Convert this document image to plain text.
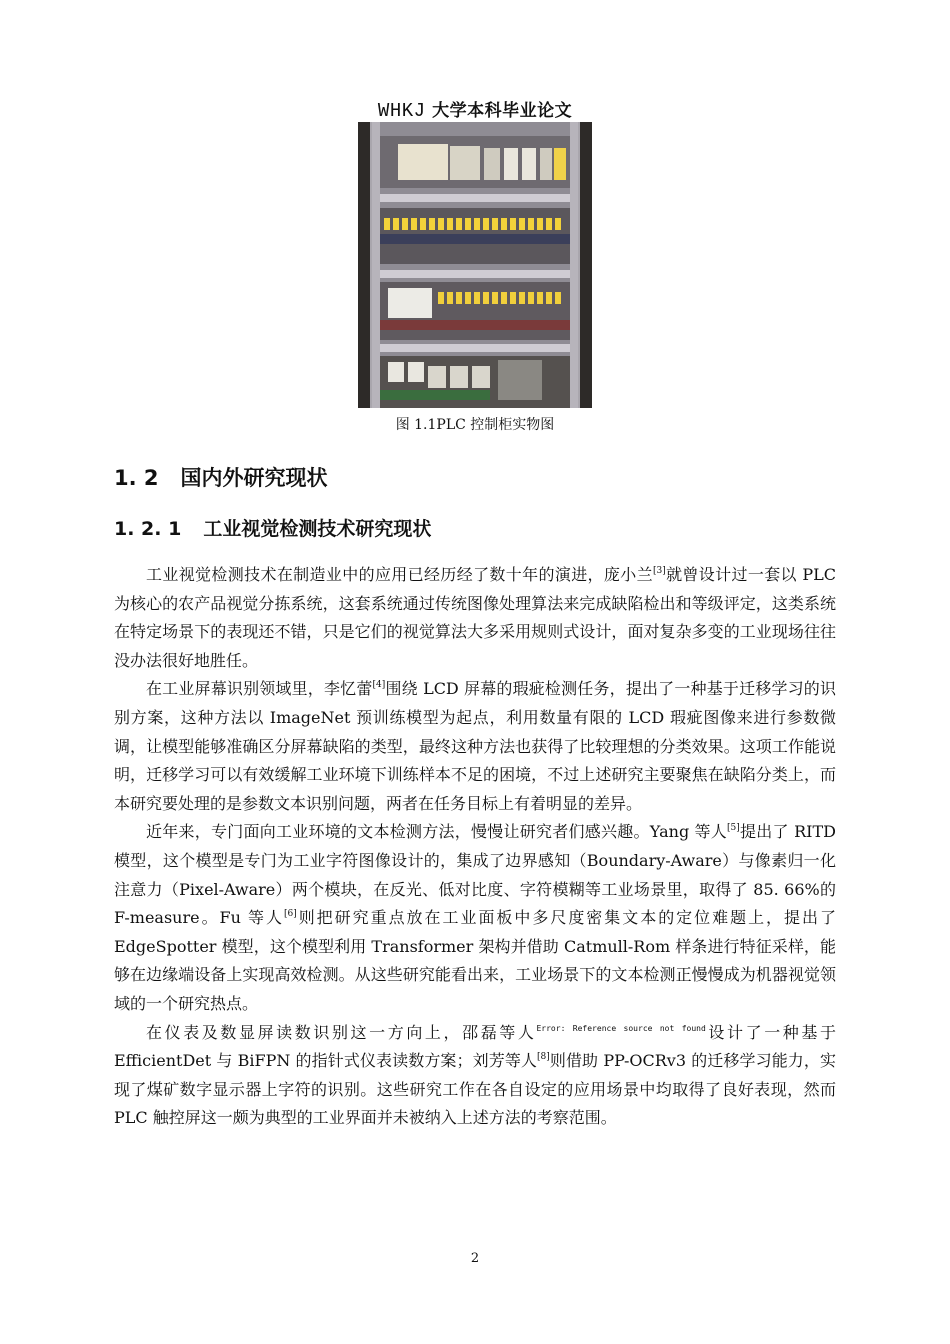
WHKJ 大学本科毕业论文
图 1.1PLC 控制柜实物图
1. 2 国内外研究现状
1. 2. 1 工业视觉检测技术研究现状

工业视觉检测技术在制造业中的应用已经历经了数十年的演进，庞小兰[3]就曾设计过一套以 PLC 为核心的农产品视觉分拣系统，这套系统通过传统图像处理算法来完成缺陷检出和等级评定，这类系统在特定场景下的表现还不错，只是它们的视觉算法大多采用规则式设计，面对复杂多变的工业现场往往没办法很好地胜任。

在工业屏幕识别领域里，李忆蕾[4]围绕 LCD 屏幕的瑕疵检测任务，提出了一种基于迁移学习的识别方案，这种方法以 ImageNet 预训练模型为起点，利用数量有限的 LCD 瑕疵图像来进行参数微调，让模型能够准确区分屏幕缺陷的类型，最终这种方法也获得了比较理想的分类效果。这项工作能说明，迁移学习可以有效缓解工业环境下训练样本不足的困境，不过上述研究主要聚焦在缺陷分类上，而本研究要处理的是参数文本识别问题，两者在任务目标上有着明显的差异。

近年来，专门面向工业环境的文本检测方法，慢慢让研究者们感兴趣。Yang 等人[5]提出了 RITD 模型，这个模型是专门为工业字符图像设计的，集成了边界感知（Boundary-Aware）与像素归一化注意力（Pixel-Aware）两个模块，在反光、低对比度、字符模糊等工业场景里，取得了 85. 66%的 F-measure。Fu 等人[6]则把研究重点放在工业面板中多尺度密集文本的定位难题上，提出了 EdgeSpotter 模型，这个模型利用 Transformer 架构并借助 Catmull-Rom 样条进行特征采样，能够在边缘端设备上实现高效检测。从这些研究能看出来，工业场景下的文本检测正慢慢成为机器视觉领域的一个研究热点。

在仪表及数显屏读数识别这一方向上，邵磊等人$^{Error: Reference source not found}$设计了一种基于 EfficientDet 与 BiFPN 的指针式仪表读数方案；刘芳等人[8]则借助 PP-OCRv3 的迁移学习能力，实现了煤矿数字显示器上字符的识别。这些研究工作在各自设定的应用场景中均取得了良好表现，然而 PLC 触控屏这一颇为典型的工业界面并未被纳入上述方法的考察范围。

2
